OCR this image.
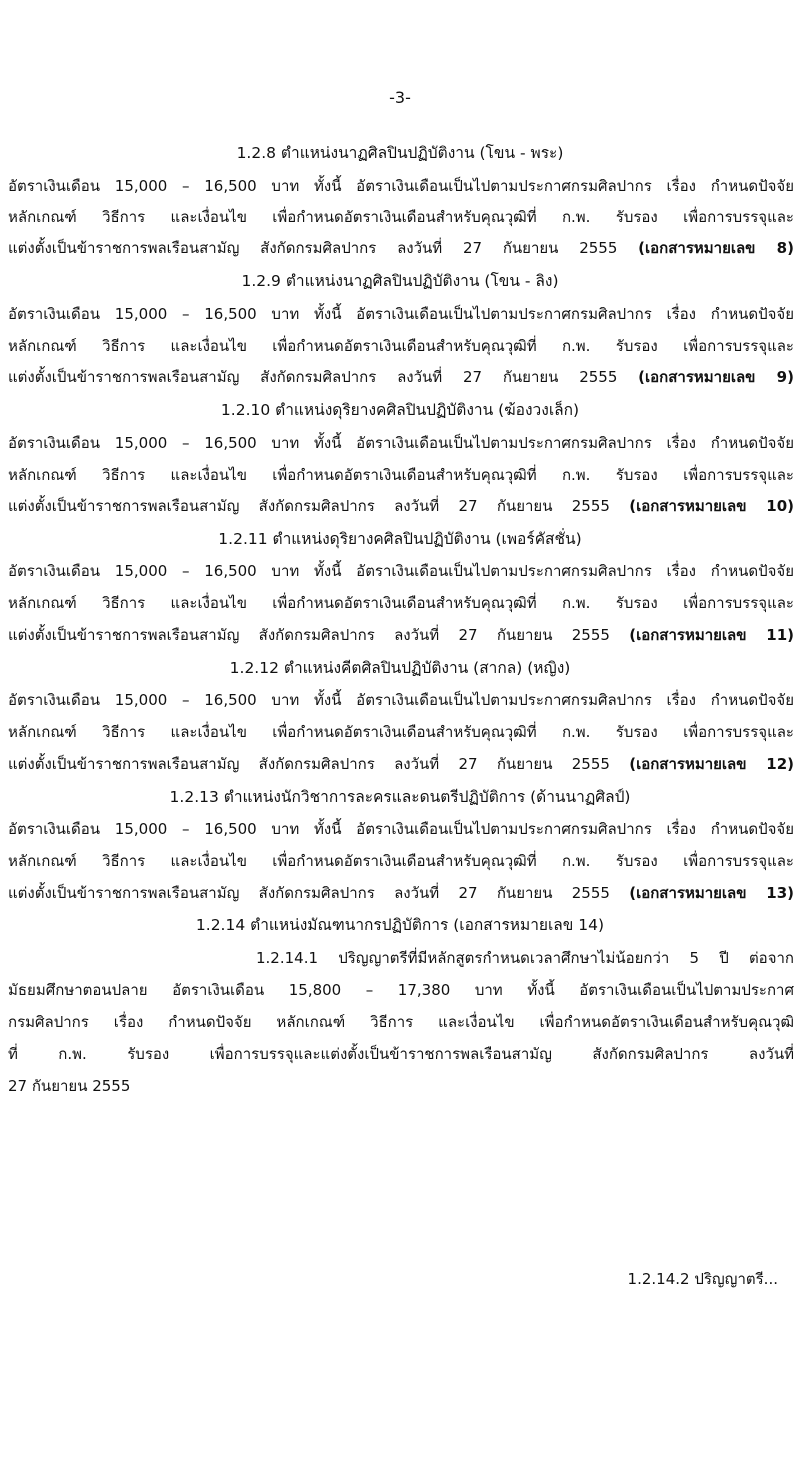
-3-
1.2.8 ตำแหน่งนาฏศิลปินปฏิบัติงาน (โขน - พระ)
อัตราเงินเดือน 15,000 – 16,500 บาท ทั้งนี้ อัตราเงินเดือนเป็นไปตามประกาศกรมศิลปากร เรื่อง กำหนดปัจจัย
หลักเกณฑ์ วิธีการ และเงื่อนไข เพื่อกำหนดอัตราเงินเดือนสำหรับคุณวุฒิที่ ก.พ. รับรอง เพื่อการบรรจุและ
แต่งตั้งเป็นข้าราชการพลเรือนสามัญ สังกัดกรมศิลปากร ลงวันที่ 27 กันยายน 2555 (เอกสารหมายเลข 8)
1.2.9 ตำแหน่งนาฏศิลปินปฏิบัติงาน (โขน - ลิง)
อัตราเงินเดือน 15,000 – 16,500 บาท ทั้งนี้ อัตราเงินเดือนเป็นไปตามประกาศกรมศิลปากร เรื่อง กำหนดปัจจัย
หลักเกณฑ์ วิธีการ และเงื่อนไข เพื่อกำหนดอัตราเงินเดือนสำหรับคุณวุฒิที่ ก.พ. รับรอง เพื่อการบรรจุและ
แต่งตั้งเป็นข้าราชการพลเรือนสามัญ สังกัดกรมศิลปากร ลงวันที่ 27 กันยายน 2555 (เอกสารหมายเลข 9)
1.2.10 ตำแหน่งดุริยางคศิลปินปฏิบัติงาน (ฆ้องวงเล็ก)
อัตราเงินเดือน 15,000 – 16,500 บาท ทั้งนี้ อัตราเงินเดือนเป็นไปตามประกาศกรมศิลปากร เรื่อง กำหนดปัจจัย
หลักเกณฑ์ วิธีการ และเงื่อนไข เพื่อกำหนดอัตราเงินเดือนสำหรับคุณวุฒิที่ ก.พ. รับรอง เพื่อการบรรจุและ
แต่งตั้งเป็นข้าราชการพลเรือนสามัญ สังกัดกรมศิลปากร ลงวันที่ 27 กันยายน 2555 (เอกสารหมายเลข 10)
1.2.11 ตำแหน่งดุริยางคศิลปินปฏิบัติงาน (เพอร์คัสชั่น)
อัตราเงินเดือน 15,000 – 16,500 บาท ทั้งนี้ อัตราเงินเดือนเป็นไปตามประกาศกรมศิลปากร เรื่อง กำหนดปัจจัย
หลักเกณฑ์ วิธีการ และเงื่อนไข เพื่อกำหนดอัตราเงินเดือนสำหรับคุณวุฒิที่ ก.พ. รับรอง เพื่อการบรรจุและ
แต่งตั้งเป็นข้าราชการพลเรือนสามัญ สังกัดกรมศิลปากร ลงวันที่ 27 กันยายน 2555 (เอกสารหมายเลข 11)
1.2.12 ตำแหน่งคีตศิลปินปฏิบัติงาน (สากล) (หญิง)
อัตราเงินเดือน 15,000 – 16,500 บาท ทั้งนี้ อัตราเงินเดือนเป็นไปตามประกาศกรมศิลปากร เรื่อง กำหนดปัจจัย
หลักเกณฑ์ วิธีการ และเงื่อนไข เพื่อกำหนดอัตราเงินเดือนสำหรับคุณวุฒิที่ ก.พ. รับรอง เพื่อการบรรจุและ
แต่งตั้งเป็นข้าราชการพลเรือนสามัญ สังกัดกรมศิลปากร ลงวันที่ 27 กันยายน 2555 (เอกสารหมายเลข 12)
1.2.13 ตำแหน่งนักวิชาการละครและดนตรีปฏิบัติการ (ด้านนาฏศิลป์)
อัตราเงินเดือน 15,000 – 16,500 บาท ทั้งนี้ อัตราเงินเดือนเป็นไปตามประกาศกรมศิลปากร เรื่อง กำหนดปัจจัย
หลักเกณฑ์ วิธีการ และเงื่อนไข เพื่อกำหนดอัตราเงินเดือนสำหรับคุณวุฒิที่ ก.พ. รับรอง เพื่อการบรรจุและ
แต่งตั้งเป็นข้าราชการพลเรือนสามัญ สังกัดกรมศิลปากร ลงวันที่ 27 กันยายน 2555 (เอกสารหมายเลข 13)
1.2.14 ตำแหน่งมัณฑนากรปฏิบัติการ (เอกสารหมายเลข 14)
1.2.14.1 ปริญญาตรีที่มีหลักสูตรกำหนดเวลาศึกษาไม่น้อยกว่า 5 ปี ต่อจาก
มัธยมศึกษาตอนปลาย อัตราเงินเดือน 15,800 – 17,380 บาท ทั้งนี้ อัตราเงินเดือนเป็นไปตามประกาศ
กรมศิลปากร เรื่อง กำหนดปัจจัย หลักเกณฑ์ วิธีการ และเงื่อนไข เพื่อกำหนดอัตราเงินเดือนสำหรับคุณวุฒิ
ที่ ก.พ. รับรอง เพื่อการบรรจุและแต่งตั้งเป็นข้าราชการพลเรือนสามัญ สังกัดกรมศิลปากร ลงวันที่
27 กันยายน 2555
1.2.14.2 ปริญญาตรี...
